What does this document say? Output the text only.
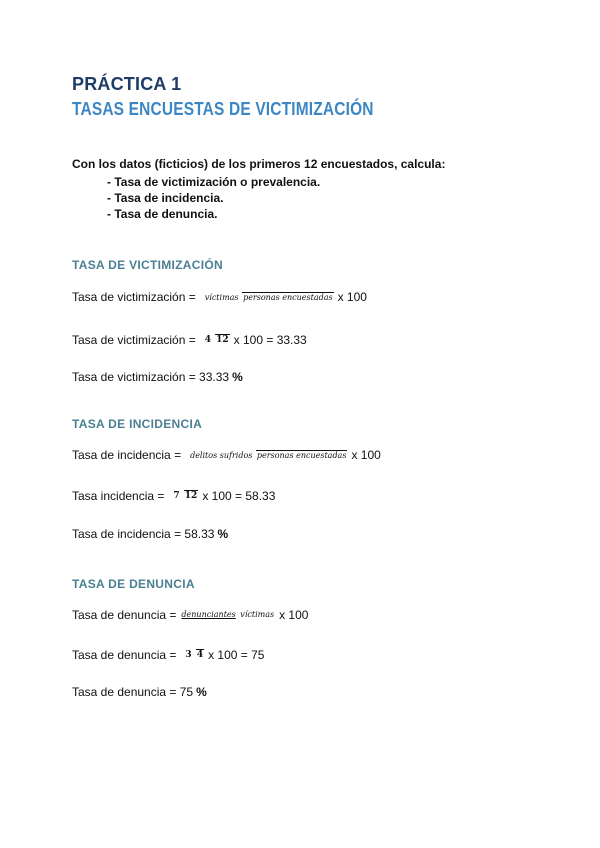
PRÁCTICA 1
TASAS ENCUESTAS DE VICTIMIZACIÓN
Con los datos (ficticios) de los primeros 12 encuestados, calcula:
- Tasa de victimización o prevalencia.
- Tasa de incidencia.
- Tasa de denuncia.
TASA DE VICTIMIZACIÓN
Tasa de victimización = víctimas personas encuestadas x 100
Tasa de victimización = 4 12 x 100 = 33.33
Tasa de victimización = 33.33 %
TASA DE INCIDENCIA
Tasa de incidencia = delitos sufridos personas encuestadas x 100
Tasa incidencia = 7 12 x 100 = 58.33
Tasa de incidencia = 58.33 %
TASA DE DENUNCIA
Tasa de denuncia = denunciantes víctimas x 100
Tasa de denuncia = 3 4 x 100 = 75
Tasa de denuncia = 75 %
